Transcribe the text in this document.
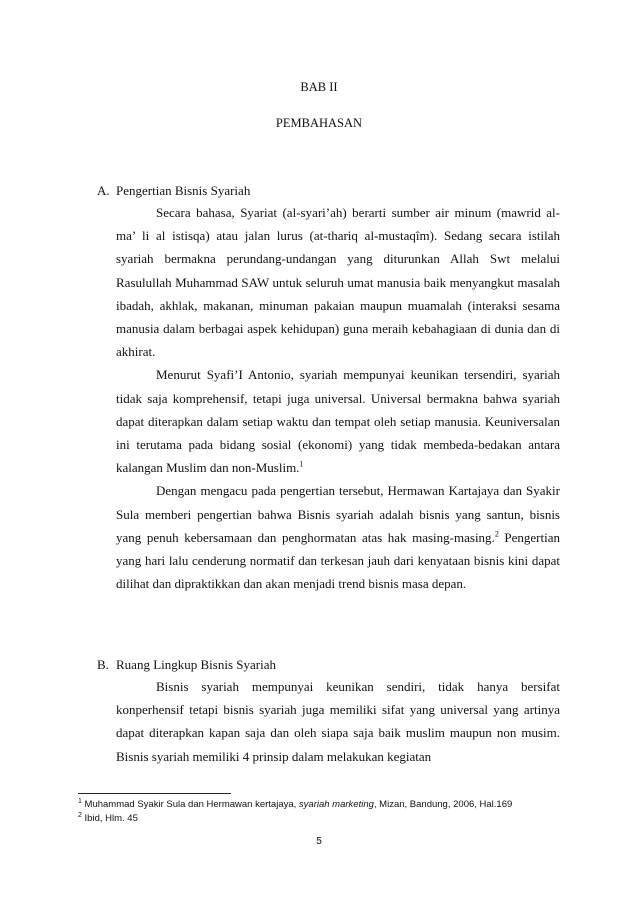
BAB II
PEMBAHASAN
A. Pengertian Bisnis Syariah

Secara bahasa, Syariat (al-syari’ah) berarti sumber air minum (mawrid al-ma’ li al istisqa) atau jalan lurus (at-thariq al-mustaqîm). Sedang secara istilah syariah bermakna perundang-undangan yang diturunkan Allah Swt melalui Rasulullah Muhammad SAW untuk seluruh umat manusia baik menyangkut masalah ibadah, akhlak, makanan, minuman pakaian maupun muamalah (interaksi sesama manusia dalam berbagai aspek kehidupan) guna meraih kebahagiaan di dunia dan di akhirat.

Menurut Syafi’I Antonio, syariah mempunyai keunikan tersendiri, syariah tidak saja komprehensif, tetapi juga universal. Universal bermakna bahwa syariah dapat diterapkan dalam setiap waktu dan tempat oleh setiap manusia. Keuniversalan ini terutama pada bidang sosial (ekonomi) yang tidak membeda-bedakan antara kalangan Muslim dan non-Muslim.$^1$

Dengan mengacu pada pengertian tersebut, Hermawan Kartajaya dan Syakir Sula memberi pengertian bahwa Bisnis syariah adalah bisnis yang santun, bisnis yang penuh kebersamaan dan penghormatan atas hak masing-masing.$^2$ Pengertian yang hari lalu cenderung normatif dan terkesan jauh dari kenyataan bisnis kini dapat dilihat dan dipraktikkan dan akan menjadi trend bisnis masa depan.

B. Ruang Lingkup Bisnis Syariah

Bisnis syariah mempunyai keunikan sendiri, tidak hanya bersifat konperhensif tetapi bisnis syariah juga memiliki sifat yang universal yang artinya dapat diterapkan kapan saja dan oleh siapa saja baik muslim maupun non musim. Bisnis syariah memiliki 4 prinsip dalam melakukan kegiatan

$^1$ Muhammad Syakir Sula dan Hermawan kertajaya, syariah marketing, Mizan, Bandung, 2006, Hal.169
$^2$ Ibid, Hlm. 45
5
